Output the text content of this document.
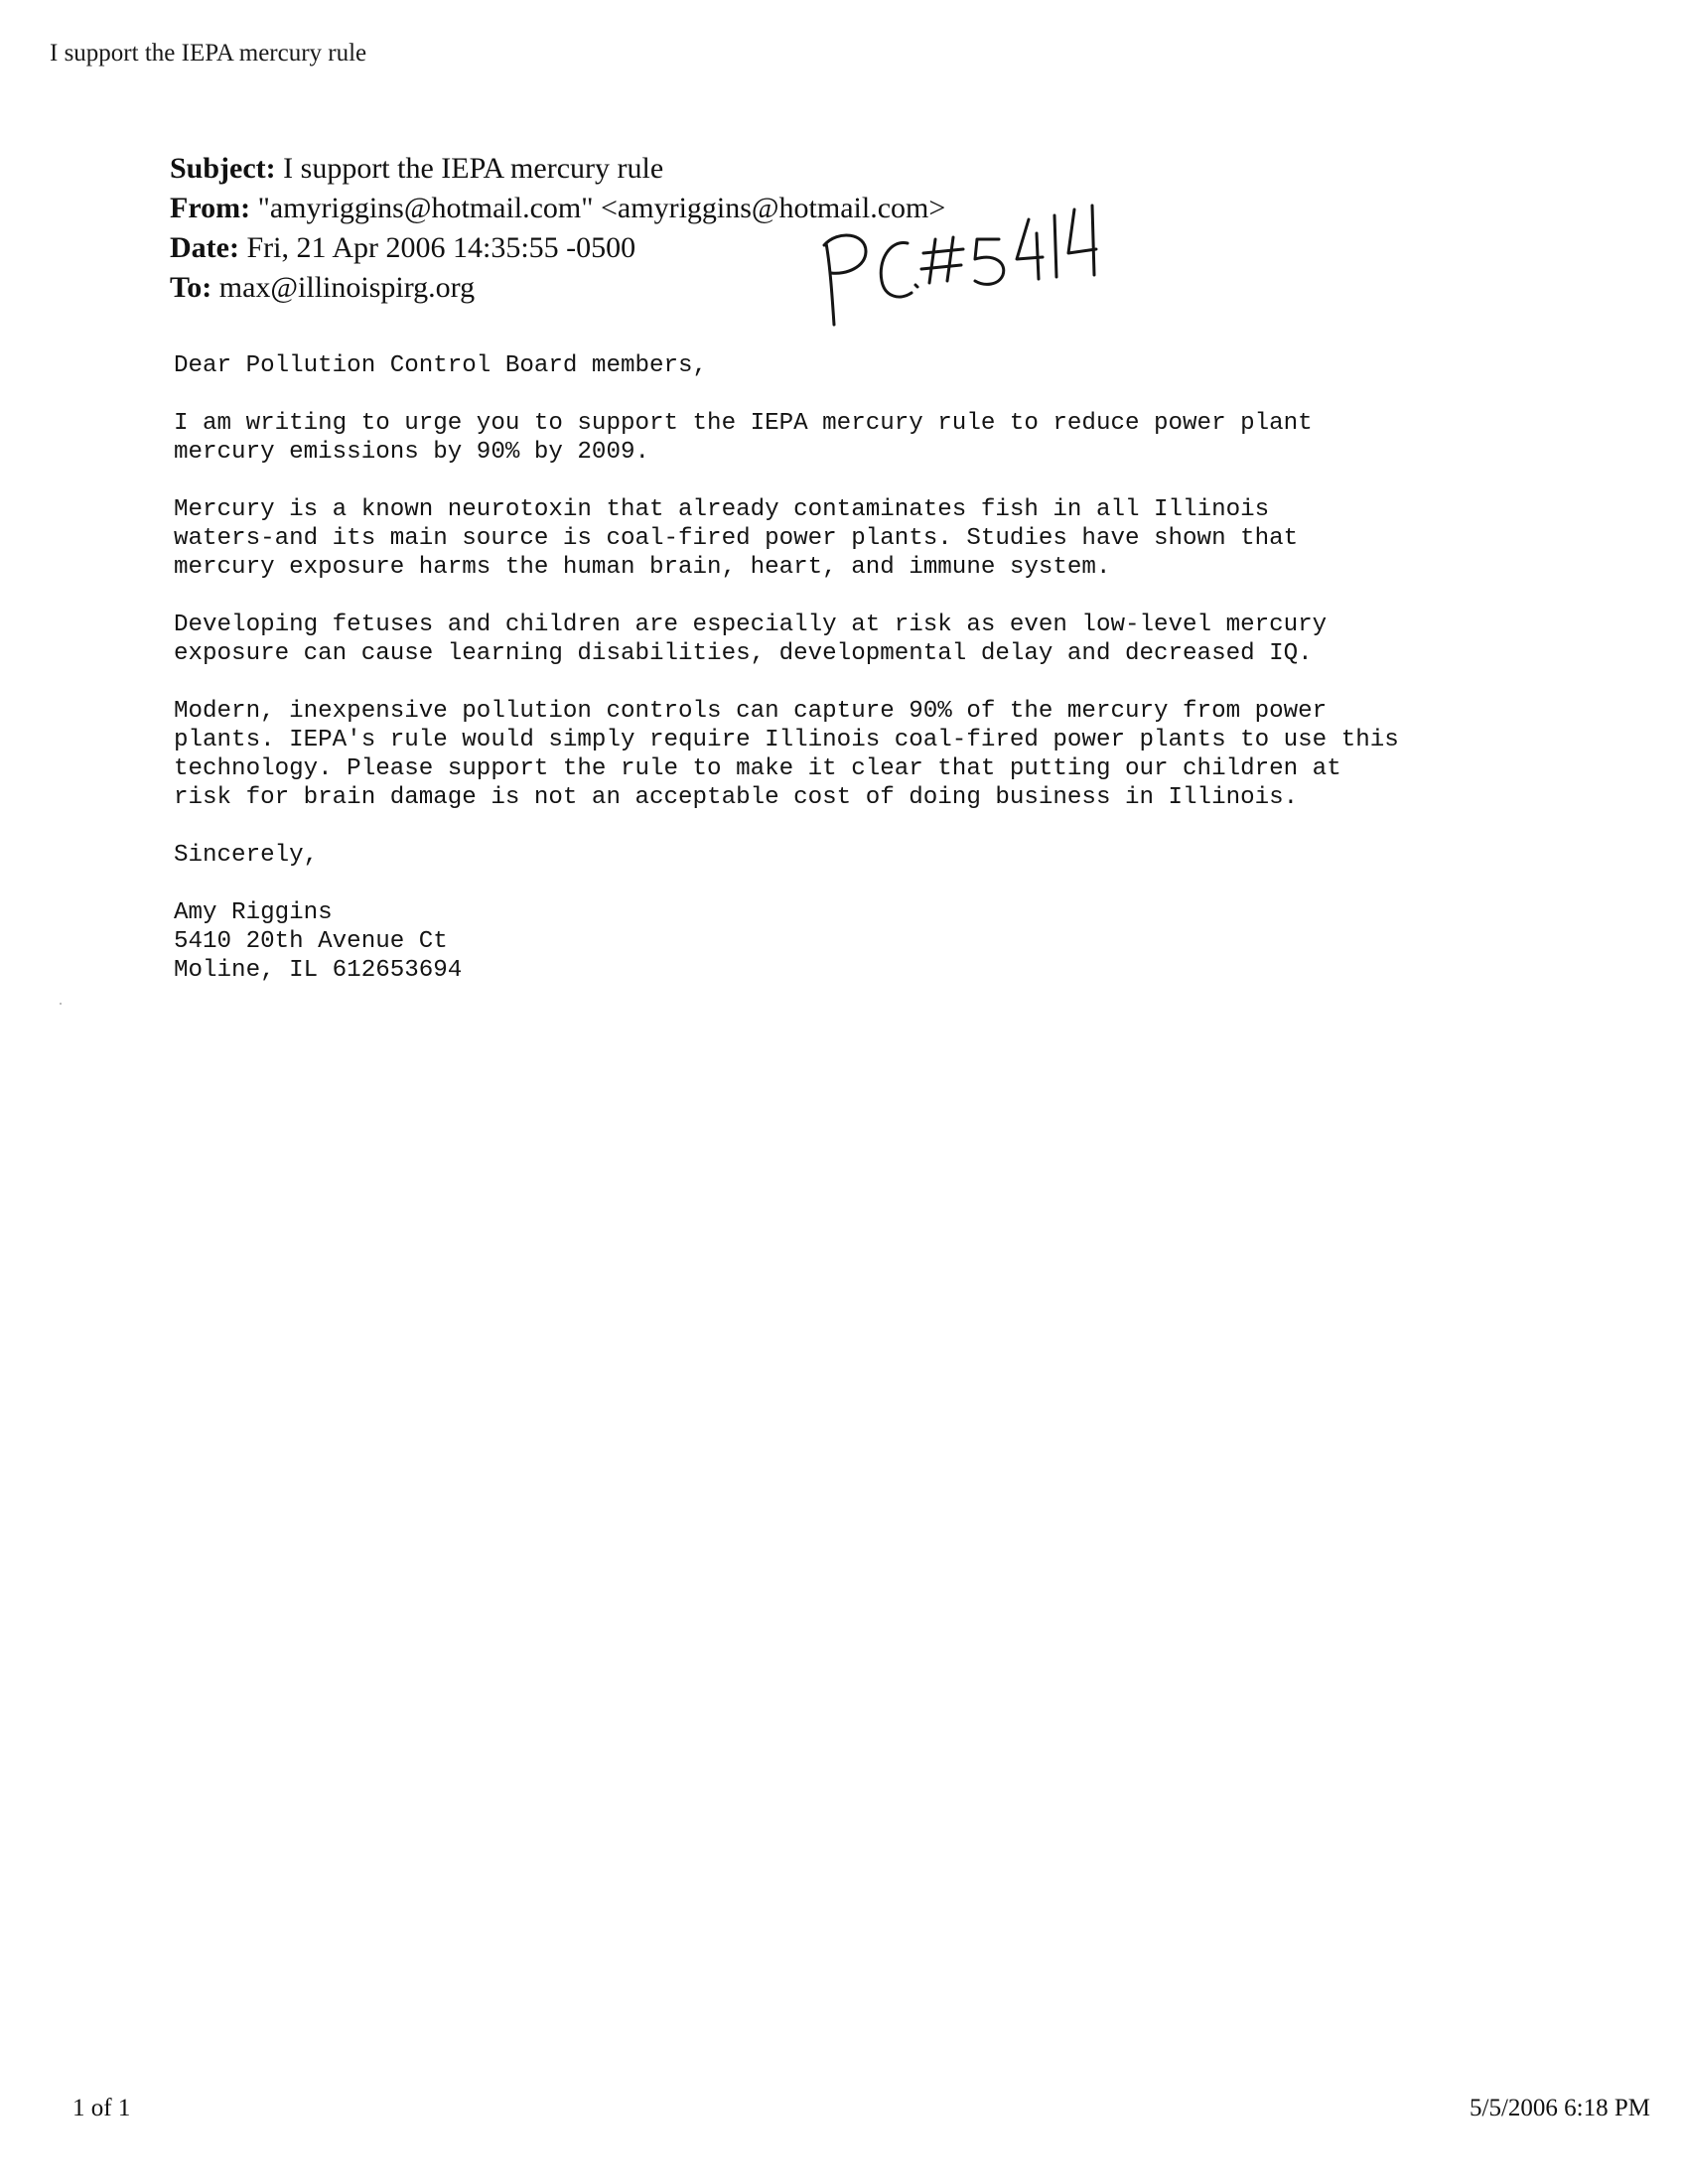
I support the IEPA mercury rule
Subject: I support the IEPA mercury rule
From: "amyriggins@hotmail.com" <amyriggins@hotmail.com>
Date: Fri, 21 Apr 2006 14:35:55 -0500
To: max@illinoispirg.org

Dear Pollution Control Board members,

I am writing to urge you to support the IEPA mercury rule to reduce power plant
mercury emissions by 90% by 2009.

Mercury is a known neurotoxin that already contaminates fish in all Illinois
waters-and its main source is coal-fired power plants. Studies have shown that
mercury exposure harms the human brain, heart, and immune system.

Developing fetuses and children are especially at risk as even low-level mercury
exposure can cause learning disabilities, developmental delay and decreased IQ.

Modern, inexpensive pollution controls can capture 90% of the mercury from power
plants. IEPA's rule would simply require Illinois coal-fired power plants to use this
technology. Please support the rule to make it clear that putting our children at
risk for brain damage is not an acceptable cost of doing business in Illinois.

Sincerely,

Amy Riggins
5410 20th Avenue Ct
Moline, IL 612653694
1 of 1	5/5/2006 6:18 PM
